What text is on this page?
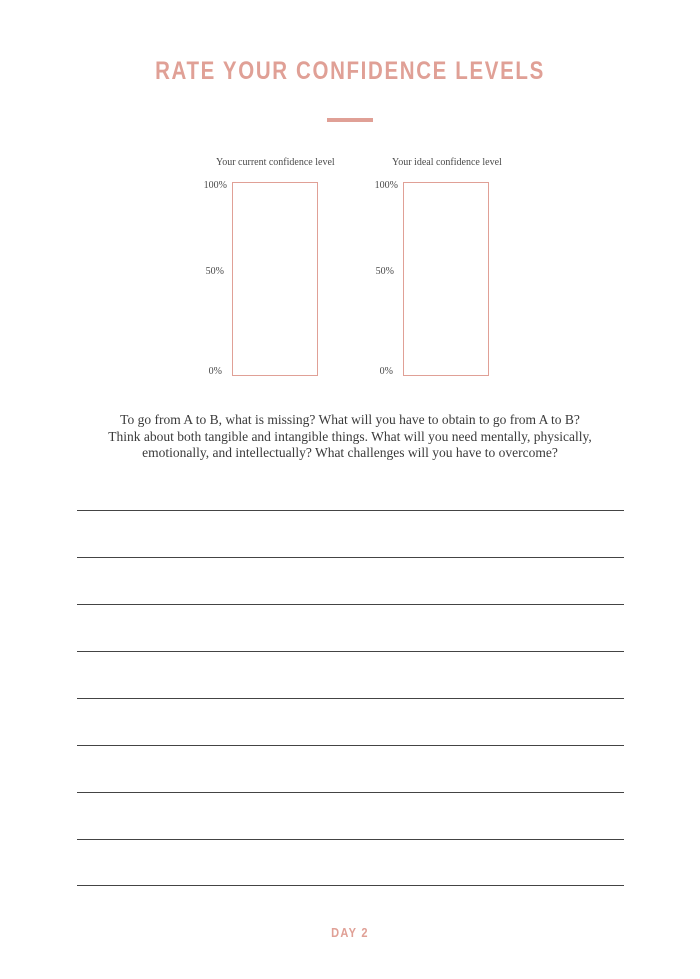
RATE YOUR CONFIDENCE LEVELS
Your current confidence level
100%
50%
0%
Your ideal confidence level
100%
50%
0%
To go from A to B, what is missing? What will you have to obtain to go from A to B?
Think about both tangible and intangible things. What will you need mentally, physically,
emotionally, and intellectually? What challenges will you have to overcome?
DAY 2
